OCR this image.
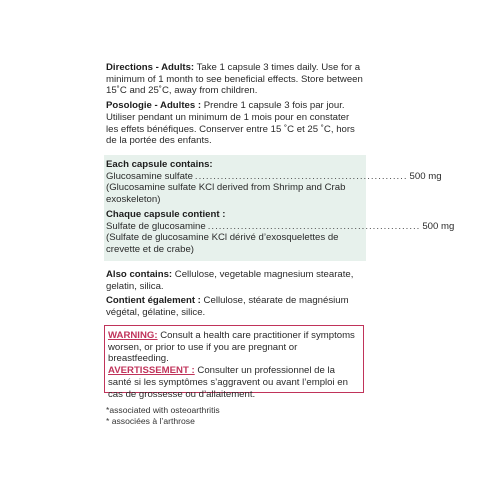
Directions - Adults: Take 1 capsule 3 times daily. Use for a minimum of 1 month to see beneficial effects. Store between 15˚C and 25˚C, away from children.

Posologie - Adultes : Prendre 1 capsule 3 fois par jour. Utiliser pendant un minimum de 1 mois pour en constater les effets bénéfiques. Conserver entre 15 ˚C et 25 ˚C, hors de la portée des enfants.

Each capsule contains:
Glucosamine sulfate .......................................................... 500 mg
(Glucosamine sulfate KCl derived from Shrimp and Crab exoskeleton)
Chaque capsule contient :
Sulfate de glucosamine .......................................................... 500 mg
(Sulfate de glucosamine KCl dérivé d’exosquelettes de crevette et de crabe)

Also contains: Cellulose, vegetable magnesium stearate, gelatin, silica.

Contient également : Cellulose, stéarate de magnésium végétal, gélatine, silice.

WARNING: Consult a health care practitioner if symptoms worsen, or prior to use if you are pregnant or breastfeeding.
AVERTISSEMENT : Consulter un professionnel de la santé si les symptômes s’aggravent ou avant l’emploi en cas de grossesse ou d’allaitement.
*associated with osteoarthritis
* associées à l’arthrose
